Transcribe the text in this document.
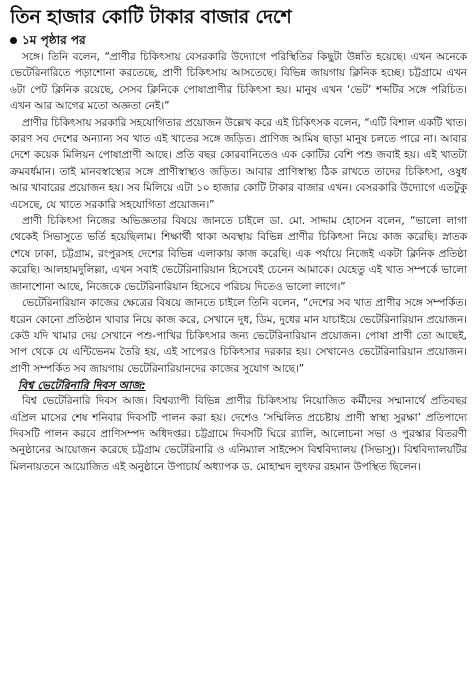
তিন হাজার কোটি টাকার বাজার দেশে
১ম পৃষ্ঠার পর

সঙ্গে। তিনি বলেন, “প্রাণীর চিকিৎসায় বেসরকারি উদ্যোগে পরিস্থিতির কিছুটা উন্নতি হয়েছে। এখন অনেকে ভেটেরিনারিতে পড়াশোনা করতেছে, প্রাণী চিকিৎসায় আসতেছে। বিভিন্ন জায়গায় ক্লিনিক হচ্ছে। চট্টগ্রামে এখন ৬টা পেট ক্লিনিক রয়েছে, সেসব ক্লিনিকে পোষাপ্রাণীর চিকিৎসা হয়। মানুষ এখন ‘ভেট’ শব্দটির সঙ্গে পরিচিত। এখন আর আগের মতো অজ্ঞতা নেই।”

প্রাণীর চিকিৎসায় সরকারি সহযোগিতার প্রয়োজন উল্লেখ করে এই চিকিৎসক বলেন, “এটি বিশাল একটি খাত। কারণ সব দেশের অন্যান্য সব খাত এই খাতের সঙ্গে জড়িত। প্রাণিজ আমিষ ছাড়া মানুষ চলতে পারে না। আবার দেশে কয়েক মিলিয়ন পোষাপ্রাণী আছে। প্রতি বছর কোরবানিতেও এক কোটির বেশি পশু জবাই হয়। এই খাতটা ক্রমবর্ধমান। তাই মানবস্বাস্থ্যের সঙ্গে প্রাণীস্বাস্থ্যও জড়িত। আবার প্রাণিস্বাস্থ্য ঠিক রাখতে তাদের চিকিৎসা, ওষুধ আর খাবারের প্রয়োজন হয়। সব মিলিয়ে এটা ১০ হাজার কোটি টাকার বাজার এখন। বেসরকারি উদ্যোগে এতটুকু এসেছে, যে খাতে সরকারি সহযোগিতা প্রয়োজন।”

প্রাণী চিকিৎসা নিজের অভিজ্ঞতার বিষয়ে জানতে চাইলে ডা. মো. সাদ্দাম হোসেন বলেন, “ভালো লাগা থেকেই সিভাসুতে ভর্তি হয়েছিলাম। শিক্ষার্থী থাকা অবস্থায় বিভিন্ন প্রাণীর চিকিৎসা নিয়ে কাজ করেছি। স্নাতক শেষে ঢাকা, চট্টগ্রাম, রংপুরসহ দেশের বিভিন্ন এলাকায় কাজ করেছি। এক পর্যায়ে নিজেই একটা ক্লিনিক প্রতিষ্ঠা করেছি। আলহামদুলিল্লা, এখন সবাই ভেটেরিনারিয়ান হিসেবেই চেনেন আমাকে। যেহেতু এই খাত সম্পর্কে ভালো জানাশোনা আছে, নিজেকে ভেটেরিনারিয়ান হিসেবে পরিচয় দিতেও ভালো লাগে।”

ভেটেরিনারিয়ান কাজের ক্ষেত্রের বিষয়ে জানতে চাইলে তিনি বলেন, “দেশের সব খাত প্রাণীর সঙ্গে সম্পর্কিত। ধরেন কোনো প্রতিষ্ঠান খাবার নিয়ে কাজ করে, সেখানে দুধ, ডিম, দুধের মান যাচাইয়ে ভেটেরিনারিয়ান প্রয়োজন। কেউ যদি খামার দেয় সেখানে পশু-পাখির চিকিৎসার জন্য ভেটেরিনারিয়ান প্রয়োজন। পোষা প্রাণী তো আছেই, সাপ থেকে যে এন্টিভেনম তৈরি হয়, এই সাপেরও চিকিৎসার দরকার হয়। সেখানেও ভেটেরিনারিয়ান প্রয়োজন। প্রাণী সম্পর্কিত সব জায়গায় ভেটেরিনারিয়ানদের কাজের সুযোগ আছে।”

বিশ্ব ভেটেরিনারি দিবস আজ:

বিশ্ব ভেটেরিনারি দিবস আজ। বিশ্বব্যাপী বিভিন্ন প্রাণীর চিকিৎসায় নিয়োজিত কর্মীদের সম্মানার্থে প্রতিবছর এপ্রিল মাসের শেষ শনিবার দিবসটি পালন করা হয়। দেশেও ‘সম্মিলিত প্রচেষ্টায় প্রাণী স্বাস্থ্য সুরক্ষা’ প্রতিপাদ্যে দিবসটি পালন করবে প্রাণিসম্পদ অধিদপ্তর। চট্টগ্রামে দিবসটি ঘিরে র‍্যালি, আলোচনা সভা ও পুরস্কার বিতরণী অনুষ্ঠানের আয়োজন করেছে চট্টগ্রাম ভেটেরিনারি ও এনিম্যাল সাইন্সেস বিশ্ববিদ্যালয় (সিভাসু)। বিশ্ববিদ্যালয়টির মিলনায়তনে আয়োজিত এই অনুষ্ঠানে উপাচার্য অধ্যাপক ড. মোহাম্মদ লুৎফর রহমান উপস্থিত ছিলেন।
